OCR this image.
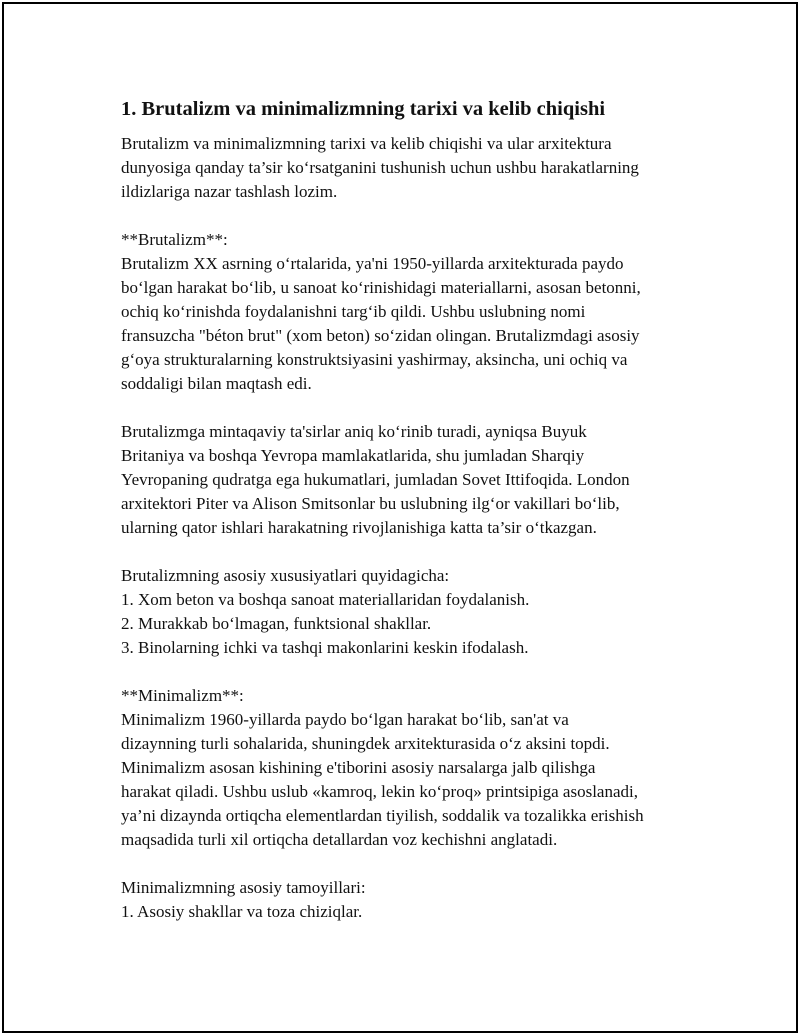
1. Brutalizm va minimalizmning tarixi va kelib chiqishi

Brutalizm va minimalizmning tarixi va kelib chiqishi va ular arxitektura

dunyosiga qanday ta’sir ko‘rsatganini tushunish uchun ushbu harakatlarning

ildizlariga nazar tashlash lozim.

**Brutalizm**:

Brutalizm XX asrning o‘rtalarida, ya'ni 1950-yillarda arxitekturada paydo

bo‘lgan harakat bo‘lib, u sanoat ko‘rinishidagi materiallarni, asosan betonni,

ochiq ko‘rinishda foydalanishni targ‘ib qildi. Ushbu uslubning nomi

fransuzcha "béton brut" (xom beton) so‘zidan olingan. Brutalizmdagi asosiy

g‘oya strukturalarning konstruktsiyasini yashirmay, aksincha, uni ochiq va

soddaligi bilan maqtash edi.

Brutalizmga mintaqaviy ta'sirlar aniq ko‘rinib turadi, ayniqsa Buyuk

Britaniya va boshqa Yevropa mamlakatlarida, shu jumladan Sharqiy

Yevropaning qudratga ega hukumatlari, jumladan Sovet Ittifoqida. London

arxitektori Piter va Alison Smitsonlar bu uslubning ilg‘or vakillari bo‘lib,

ularning qator ishlari harakatning rivojlanishiga katta ta’sir o‘tkazgan.

Brutalizmning asosiy xususiyatlari quyidagicha:

1. Xom beton va boshqa sanoat materiallaridan foydalanish.

2. Murakkab bo‘lmagan, funktsional shakllar.

3. Binolarning ichki va tashqi makonlarini keskin ifodalash.

**Minimalizm**:

Minimalizm 1960-yillarda paydo bo‘lgan harakat bo‘lib, san'at va

dizaynning turli sohalarida, shuningdek arxitekturasida o‘z aksini topdi.

Minimalizm asosan kishining e'tiborini asosiy narsalarga jalb qilishga

harakat qiladi. Ushbu uslub «kamroq, lekin ko‘proq» printsipiga asoslanadi,

ya’ni dizaynda ortiqcha elementlardan tiyilish, soddalik va tozalikka erishish

maqsadida turli xil ortiqcha detallardan voz kechishni anglatadi.

Minimalizmning asosiy tamoyillari:

1. Asosiy shakllar va toza chiziqlar.
